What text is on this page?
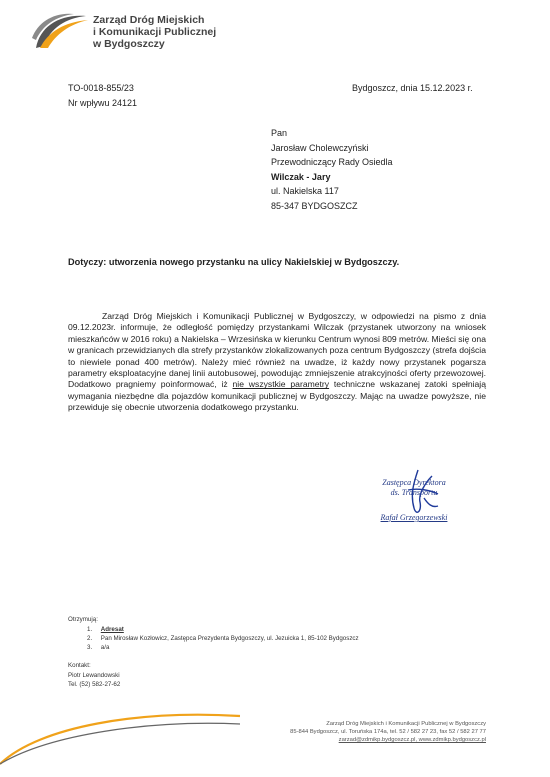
Zarząd Dróg Miejskich
i Komunikacji Publicznej
w Bydgoszczy
TO-0018-855/23
Nr wpływu 24121
Bydgoszcz, dnia 15.12.2023 r.
Pan
Jarosław Cholewczyński
Przewodniczący Rady Osiedla
Wilczak - Jary
ul. Nakielska 117
85-347 BYDGOSZCZ
Dotyczy: utworzenia nowego przystanku na ulicy Nakielskiej w Bydgoszczy.
Zarząd Dróg Miejskich i Komunikacji Publicznej w Bydgoszczy, w odpowiedzi na pismo z dnia 09.12.2023r. informuje, że odległość pomiędzy przystankami Wilczak (przystanek utworzony na wniosek mieszkańców w 2016 roku) a Nakielska – Wrzesińska w kierunku Centrum wynosi 809 metrów. Mieści się ona w granicach przewidzianych dla strefy przystanków zlokalizowanych poza centrum Bydgoszczy (strefa dojścia to niewiele ponad 400 metrów). Należy mieć również na uwadze, iż każdy nowy przystanek pogarsza parametry eksploatacyjne danej linii autobusowej, powodując zmniejszenie atrakcyjności oferty przewozowej. Dodatkowo pragniemy poinformować, iż nie wszystkie parametry techniczne wskazanej zatoki spełniają wymagania niezbędne dla pojazdów komunikacji publicznej w Bydgoszczy. Mając na uwadze powyższe, nie przewiduje się obecnie utworzenia dodatkowego przystanku.
Zastępca Dyrektora
ds. Transportu
Rafał Grzegorzewski
Otrzymują:
1. Adresat
2. Pan Mirosław Kozłowicz, Zastępca Prezydenta Bydgoszczy, ul. Jezuicka 1, 85-102 Bydgoszcz
3. a/a
Kontakt:
Piotr Lewandowski
Tel. (52) 582-27-62
Zarząd Dróg Miejskich i Komunikacji Publicznej w Bydgoszczy
85-844 Bydgoszcz, ul. Toruńska 174a, tel. 52 / 582 27 23, fax 52 / 582 27 77
zarzad@zdmikp.bydgoszcz.pl, www.zdmikp.bydgoszcz.pl
